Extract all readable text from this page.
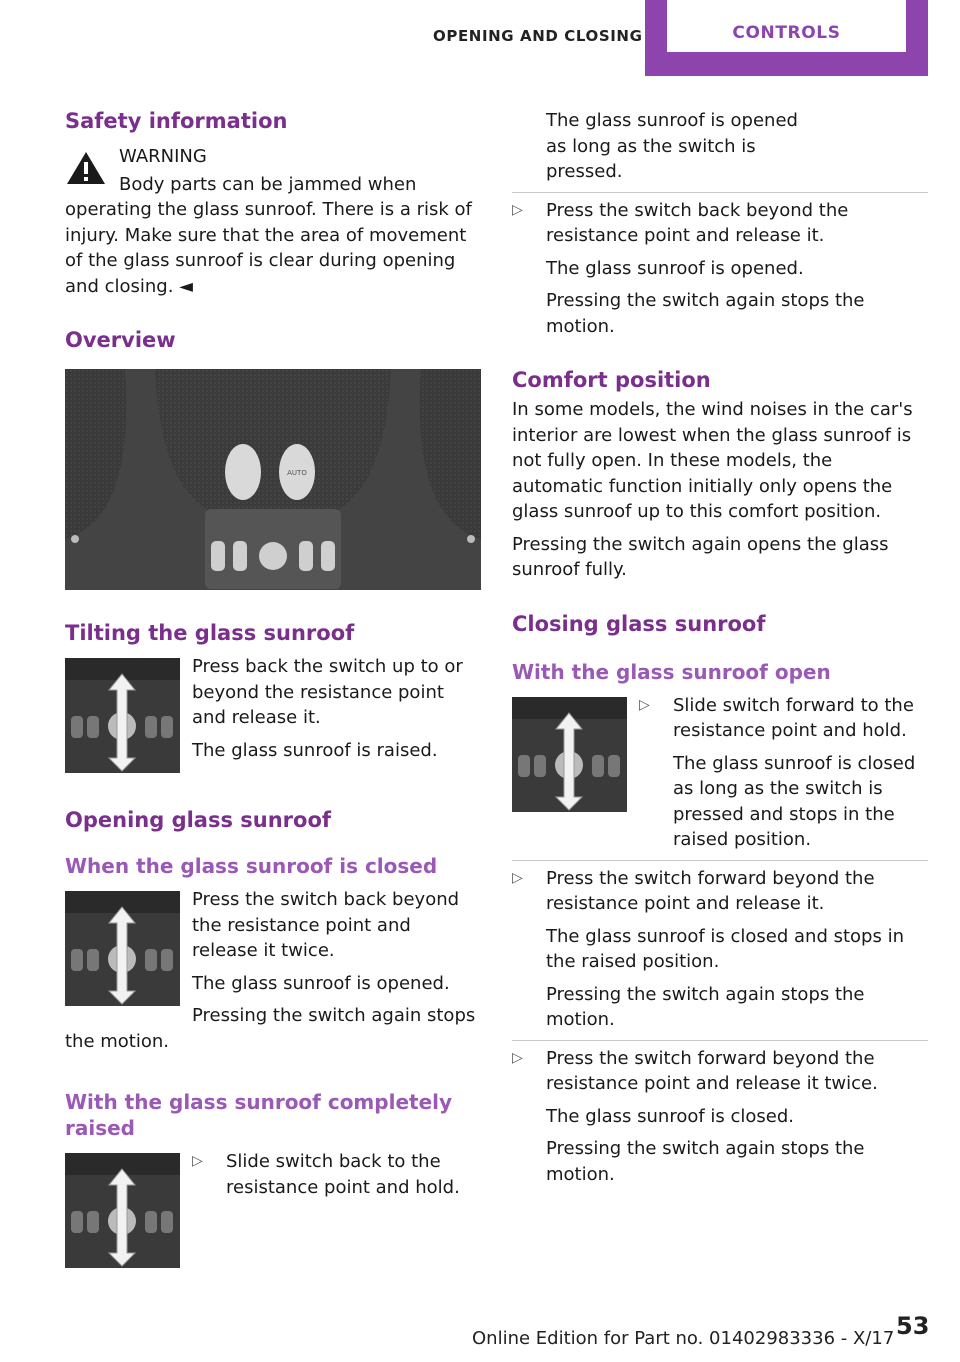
OPENING AND CLOSING	CONTROLS
Safety information

WARNING

Body parts can be jammed when operating the glass sunroof. There is a risk of injury. Make sure that the area of movement of the glass sunroof is clear during opening and closing. ◄

Overview
AUTO
Tilting the glass sunroof

Press back the switch up to or beyond the resistance point and release it.

The glass sunroof is raised.

Opening glass sunroof
When the glass sunroof is closed

Press the switch back beyond the resistance point and release it twice.

The glass sunroof is opened.

Pressing the switch again stops the motion.

With the glass sunroof completely raised
▷	Slide switch back to the resistance point and hold.

The glass sunroof is opened as long as the switch is pressed.

▷	Press the switch back beyond the resistance point and release it.

The glass sunroof is opened.

Pressing the switch again stops the motion.

Comfort position

In some models, the wind noises in the car's interior are lowest when the glass sunroof is not fully open. In these models, the automatic function initially only opens the glass sunroof up to this comfort position.

Pressing the switch again opens the glass sunroof fully.

Closing glass sunroof
With the glass sunroof open
▷	Slide switch forward to the resistance point and hold.

The glass sunroof is closed as long as the switch is pressed and stops in the raised position.

▷	Press the switch forward beyond the resistance point and release it.

The glass sunroof is closed and stops in the raised position.

Pressing the switch again stops the motion.

▷	Press the switch forward beyond the resistance point and release it twice.

The glass sunroof is closed.

Pressing the switch again stops the motion.

Online Edition for Part no. 01402983336 - X/17 53
